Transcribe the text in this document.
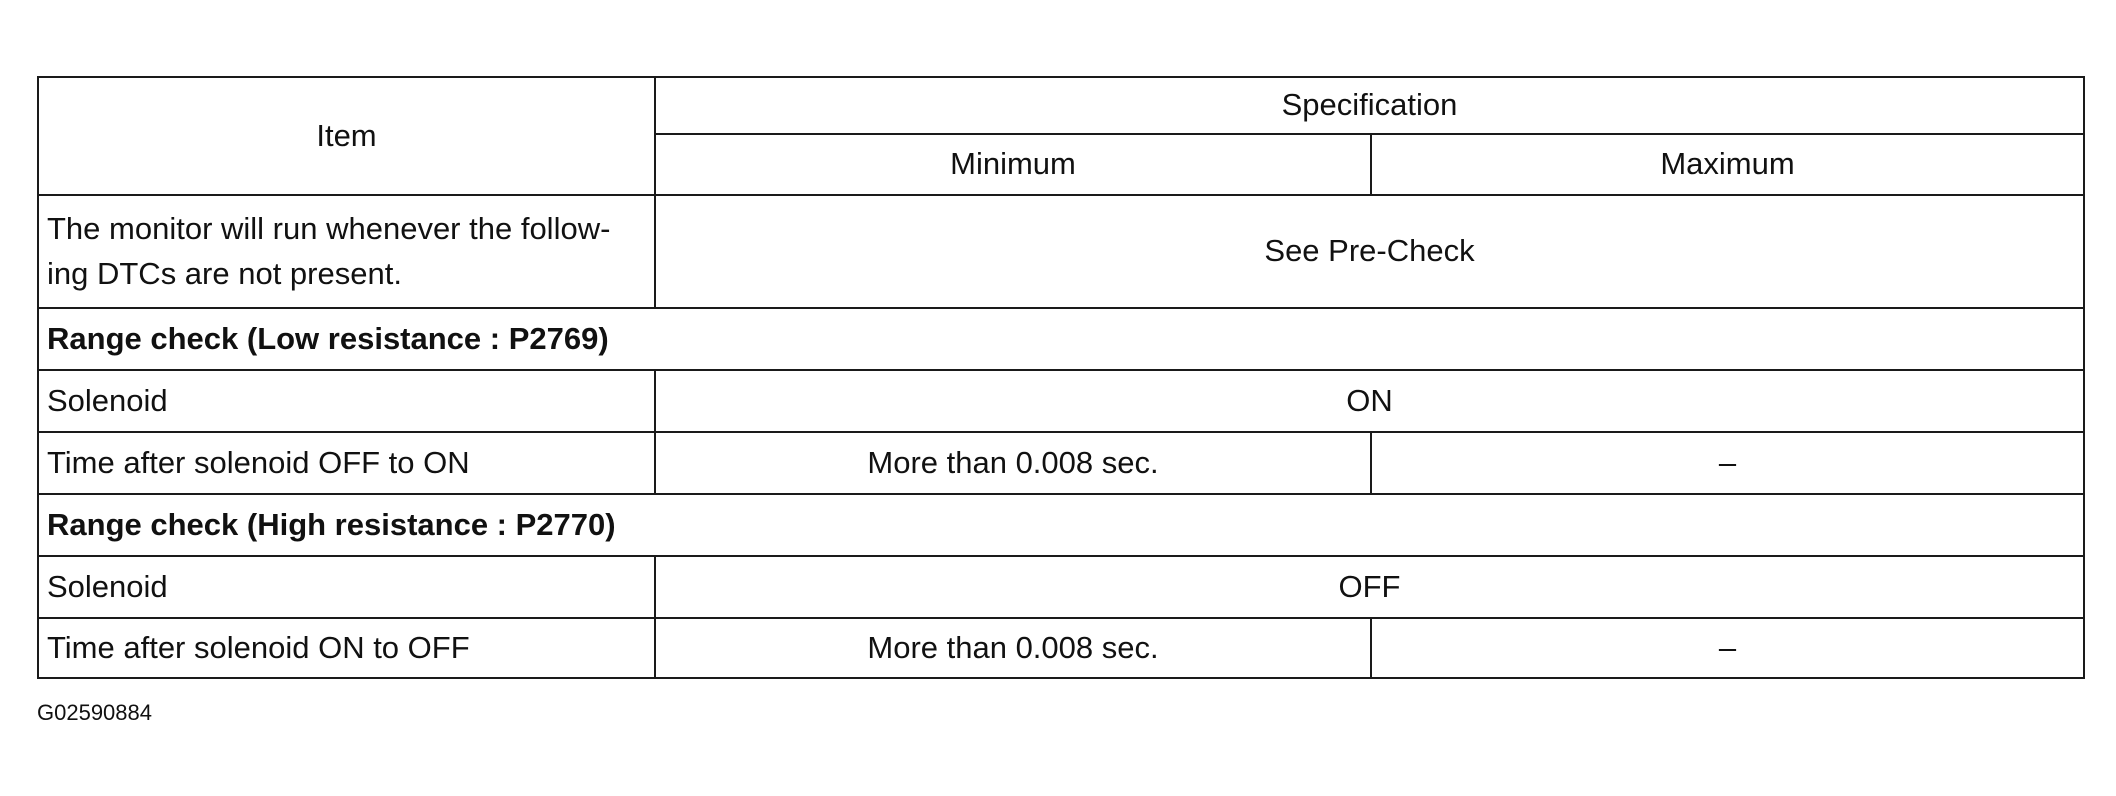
Item	Specification	
	Minimum	Maximum
The monitor will run whenever the follow- ing DTCs are not present.	See Pre-Check	
Range check (Low resistance : P2769)		
Solenoid	ON	
Time after solenoid OFF to ON	More than 0.008 sec.	–
Range check (High resistance : P2770)		
Solenoid	OFF	
Time after solenoid ON to OFF	More than 0.008 sec.	–
G02590884
